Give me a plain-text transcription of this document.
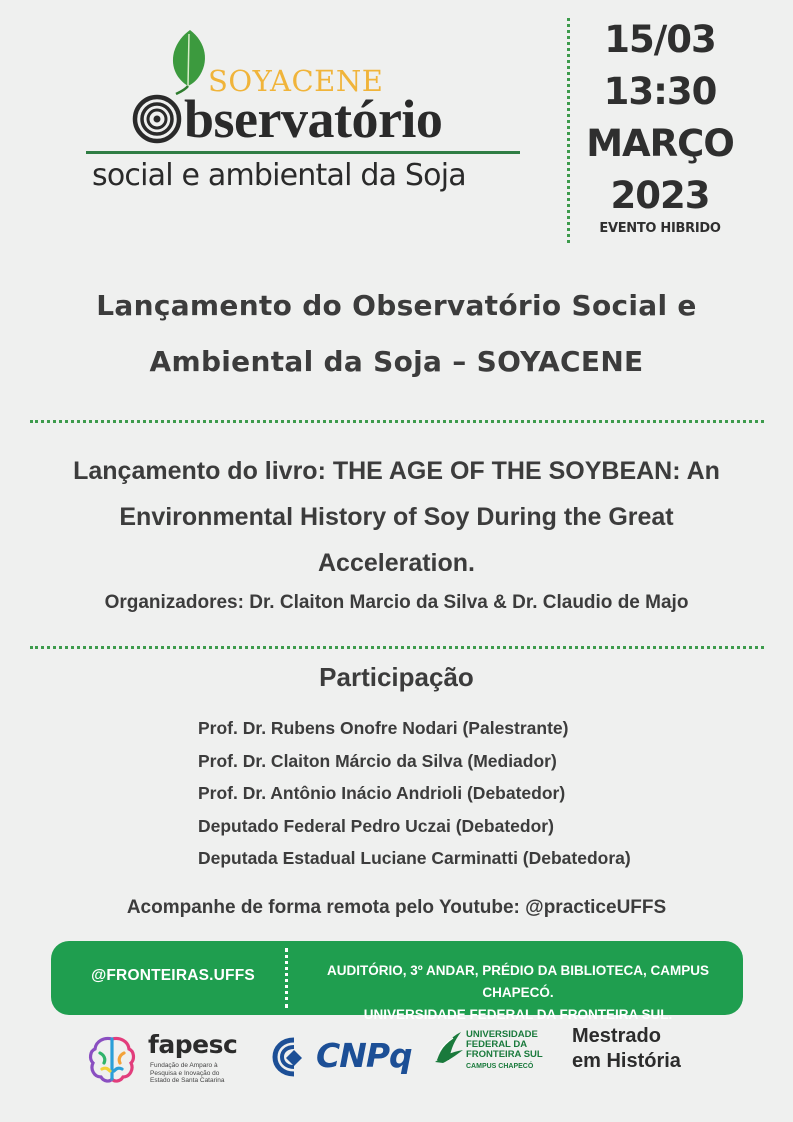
SOYACENE
bservatório
social e ambiental da Soja
15/03
13:30
MARÇO
2023
EVENTO HIBRIDO
Lançamento do Observatório Social e
Ambiental da Soja – SOYACENE
Lançamento do livro: THE AGE OF THE SOYBEAN: An
Environmental History of Soy During the Great
Acceleration.
Organizadores: Dr. Claiton Marcio da Silva & Dr. Claudio de Majo
Participação
Prof. Dr. Rubens Onofre Nodari (Palestrante)
Prof. Dr. Claiton Márcio da Silva (Mediador)
Prof. Dr. Antônio Inácio Andrioli (Debatedor)
Deputado Federal Pedro Uczai (Debatedor)
Deputada Estadual Luciane Carminatti (Debatedora)
Acompanhe de forma remota pelo Youtube: @practiceUFFS
@FRONTEIRAS.UFFS	AUDITÓRIO, 3º ANDAR, PRÉDIO DA BIBLIOTECA, CAMPUS CHAPECÓ.
UNIVERSIDADE FEDERAL DA FRONTEIRA SUL.
fapesc
Fundação de Amparo à Pesquisa e Inovação do Estado de Santa Catarina
CNPq
UNIVERSIDADE
FEDERAL DA
FRONTEIRA SUL
CAMPUS CHAPECÓ
Mestrado
em História
